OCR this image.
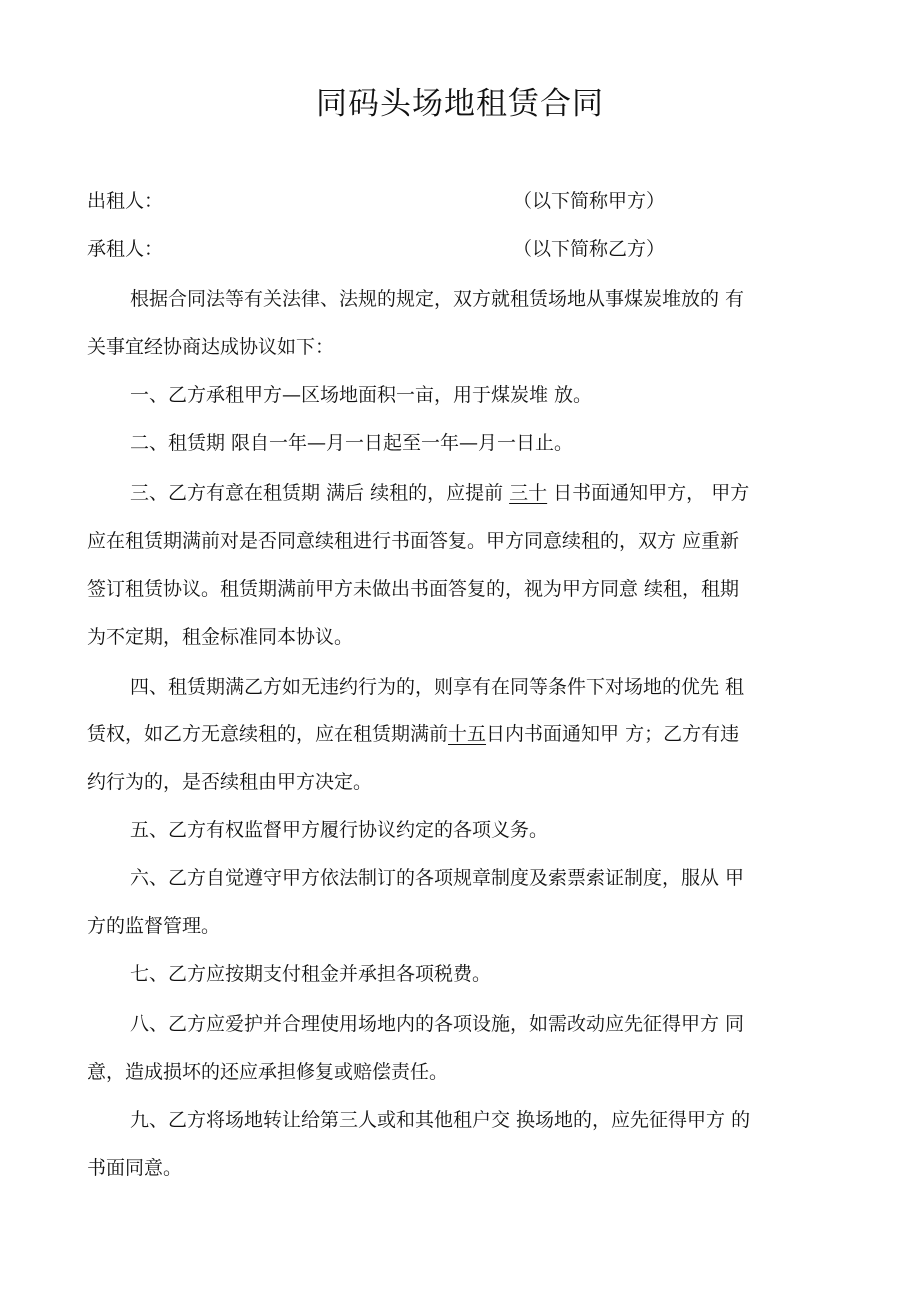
同码头场地租赁合同
出租人：	（以下简称甲方）
承租人：	（以下简称乙方）
根据合同法等有关法律、法规的规定，双方就租赁场地从事煤炭堆放的 有
关事宜经协商达成协议如下：
一、乙方承租甲方—区场地面积一亩，用于煤炭堆 放。
二、租赁期 限自一年—月一日起至一年—月一日止。
三、乙方有意在租赁期 满后 续租的，应提前 三十 日书面通知甲方， 甲方
应在租赁期满前对是否同意续租进行书面答复。甲方同意续租的，双方 应重新
签订租赁协议。租赁期满前甲方未做出书面答复的，视为甲方同意 续租，租期
为不定期，租金标准同本协议。
四、租赁期满乙方如无违约行为的，则享有在同等条件下对场地的优先 租
赁权，如乙方无意续租的，应在租赁期满前十五日内书面通知甲 方；乙方有违
约行为的，是否续租由甲方决定。
五、乙方有权监督甲方履行协议约定的各项义务。
六、乙方自觉遵守甲方依法制订的各项规章制度及索票索证制度，服从 甲
方的监督管理。
七、乙方应按期支付租金并承担各项税费。
八、乙方应爱护并合理使用场地内的各项设施，如需改动应先征得甲方 同
意，造成损坏的还应承担修复或赔偿责任。
九、乙方将场地转让给第三人或和其他租户交 换场地的，应先征得甲方 的
书面同意。
